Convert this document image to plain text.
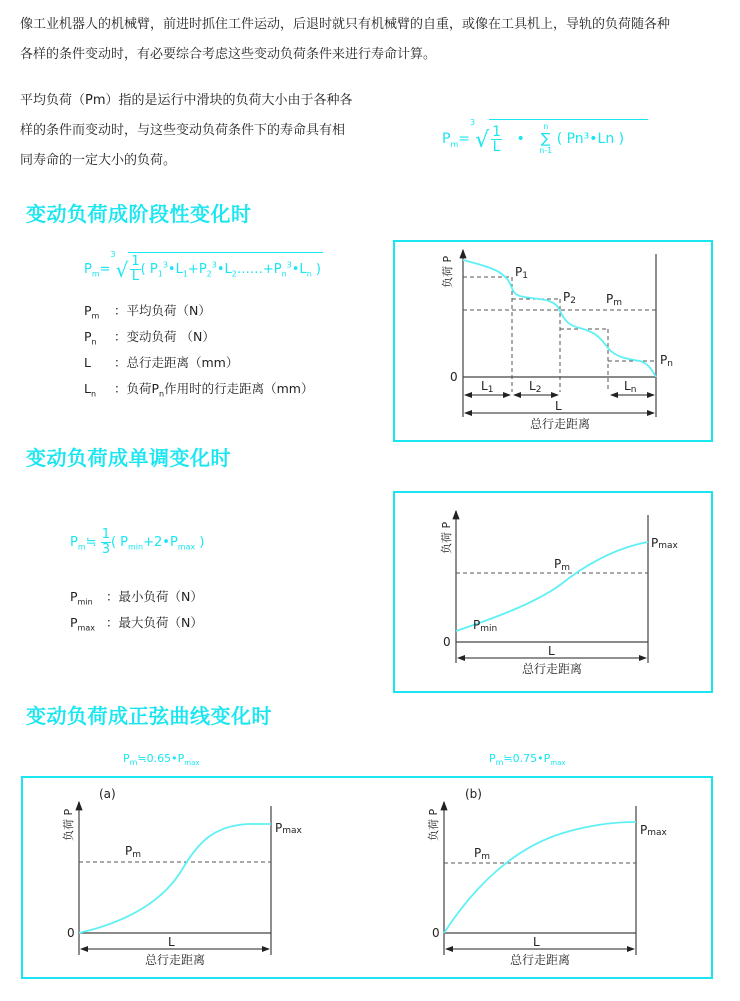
像工业机器人的机械臂，前进时抓住工件运动，后退时就只有机械臂的自重，或像在工具机上，导轨的负荷随各种
各样的条件变动时，有必要综合考虑这些变动负荷条件来进行寿命计算。
平均负荷（Pm）指的是运行中滑块的负荷大小由于各种各
样的条件而变动时，与这些变动负荷条件下的寿命具有相
同寿命的一定大小的负荷。
$P_m=^3√ \frac{1}{L}$ •
n
∑
n-1
( Pn³•Ln )
变动负荷成阶段性变化时
$P_m=^3√ \frac{1}{L}$ ( $P_1^3•L_1+P_2^3•L_2\dots\dots+P_n^3•L_n$ )
$P_m$ ：平均负荷（N）
$P_n$ ：变动负荷 （N）
L ：总行走距离（mm）
$L_n$ ：负荷$P_n$作用时的行走距离（mm）
负荷 P
0
P1
P2	Pm
Pn
L1	L2	Ln
L
总行走距离
变动负荷成单调变化时
$P_m≒ \frac{1}{3}$ ( $P_{min}+2•P_{max}$ )
$P_{min}$ ：最小负荷（N）
$P_{max}$ ：最大负荷（N）
负荷 P
0
Pmax
Pm
Pmin
L
总行走距离
变动负荷成正弦曲线变化时
$P_m≒0.65•P_{max}$	$P_m≒0.75•P_{max}$
(a)
负荷 P
0
Pmax
Pm
L
总行走距离
(b)
负荷 P
0
Pmax
Pm
L
总行走距离
